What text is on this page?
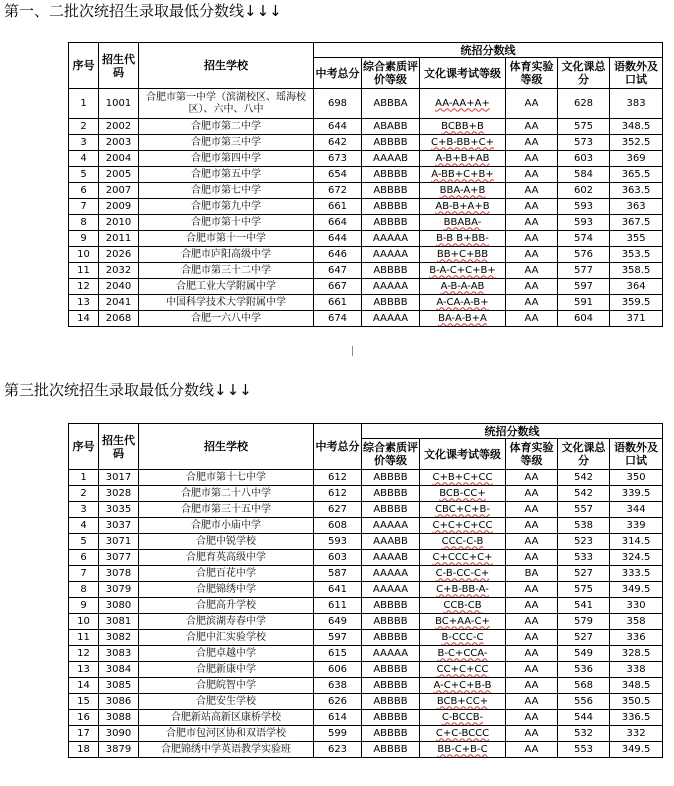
第一、二批次统招生录取最低分数线↓↓↓
序号	招生代码	招生学校	统招分数线					
			中考总分	综合素质评价等级	文化课考试等级	体育实验等级	文化课总分	语数外及口试
1	1001	合肥市第一中学（滨湖校区、瑶海校区）、六中、八中	698	ABBBA	AA-AA+A+	AA	628	383
2	2002	合肥市第二中学	644	ABABB	BCBB+B	AA	575	348.5
3	2003	合肥市第三中学	642	ABBBB	C+B-BB+C+	AA	573	352.5
4	2004	合肥市第四中学	673	AAAAB	A-B+B+AB	AA	603	369
5	2005	合肥市第五中学	654	ABBBB	A-BB+C+B+	AA	584	365.5
6	2007	合肥市第七中学	672	ABBBB	BBA-A+B	AA	602	363.5
7	2009	合肥市第九中学	661	ABBBB	AB-B+A+B	AA	593	363
8	2010	合肥市第十中学	664	ABBBB	BBABA-	AA	593	367.5
9	2011	合肥市第十一中学	644	AAAAA	B-B B+BB-	AA	574	355
10	2026	合肥市庐阳高级中学	646	AAAAA	BB+C+BB	AA	576	353.5
11	2032	合肥市第三十二中学	647	ABBBB	B-A-C+C+B+	AA	577	358.5
12	2040	合肥工业大学附属中学	667	AAAAA	A-B-A-AB	AA	597	364
13	2041	中国科学技术大学附属中学	661	ABBBB	A-CA-A-B+	AA	591	359.5
14	2068	合肥一六八中学	674	AAAAA	BA-A-B+A	AA	604	371
第三批次统招生录取最低分数线↓↓↓
序号	招生代码	招生学校	中考总分	统招分数线				
				综合素质评价等级	文化课考试等级	体育实验等级	文化课总分	语数外及口试
1	3017	合肥市第十七中学	612	ABBBB	C+B+C+CC	AA	542	350
2	3028	合肥市第二十八中学	612	ABBBB	BCB-CC+	AA	542	339.5
3	3035	合肥市第三十五中学	627	ABBBB	CBC+C+B-	AA	557	344
4	3037	合肥市小庙中学	608	AAAAA	C+C+C+CC	AA	538	339
5	3071	合肥中锐学校	593	AAABB	CCC-C-B	AA	523	314.5
6	3077	合肥育英高级中学	603	AAAAB	C+CCC+C+	AA	533	324.5
7	3078	合肥百花中学	587	AAAAA	C-B-CC-C+	BA	527	333.5
8	3079	合肥锦绣中学	641	AAAAA	C+B-BB-A-	AA	575	349.5
9	3080	合肥高升学校	611	ABBBB	CCB-CB	AA	541	330
10	3081	合肥滨湖寿春中学	649	ABBBB	BC+AA-C+	AA	579	358
11	3082	合肥中汇实验学校	597	ABBBB	B-CCC-C	AA	527	336
12	3083	合肥卓越中学	615	AAAAA	B-C+CCA-	AA	549	328.5
13	3084	合肥新康中学	606	ABBBB	CC+C+CC	AA	536	338
14	3085	合肥皖智中学	638	ABBBB	A-C+C+B-B	AA	568	348.5
15	3086	合肥安生学校	626	ABBBB	BCB+CC+	AA	556	350.5
16	3088	合肥新站高新区康桥学校	614	ABBBB	C-BCCB-	AA	544	336.5
17	3090	合肥市包河区协和双语学校	599	ABBBB	C+C-BCCC	AA	532	332
18	3879	合肥锦绣中学英语教学实验班	623	ABBBB	BB-C+B-C	AA	553	349.5
